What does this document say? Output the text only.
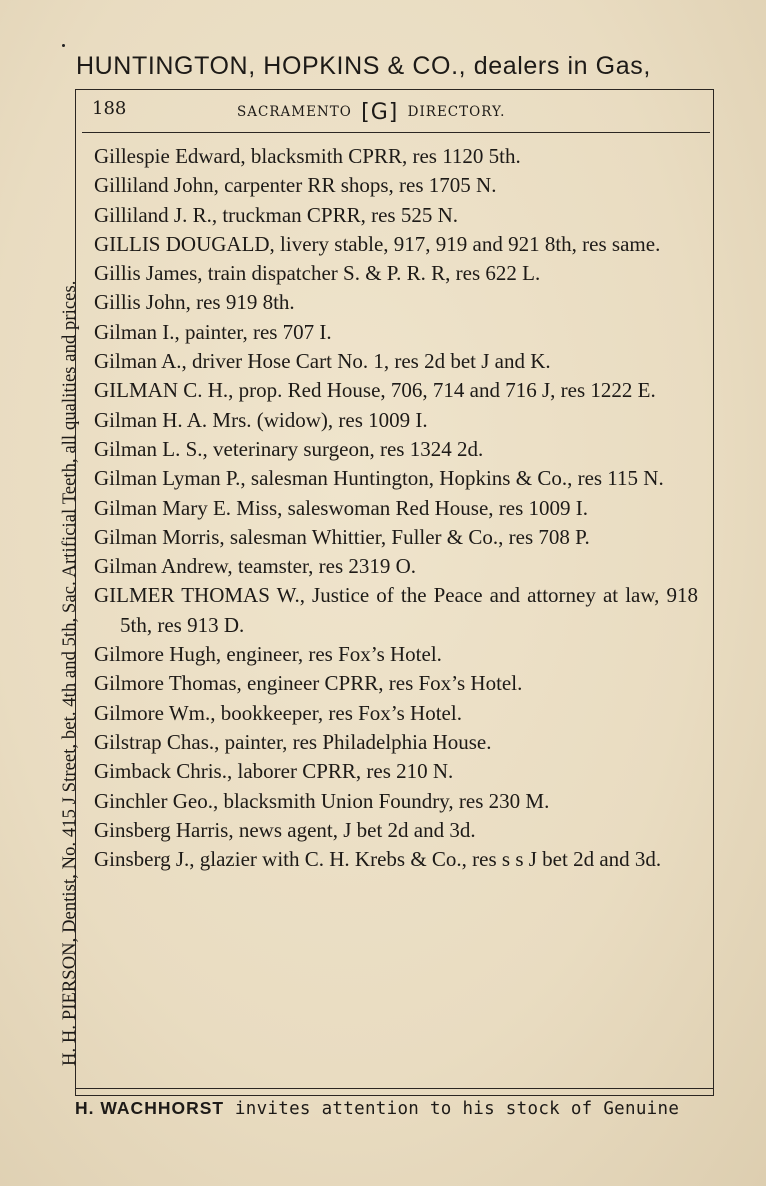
HUNTINGTON, HOPKINS & CO., dealers in Gas,
H. H. PIERSON, Dentist, No. 415 J Street, bet. 4th and 5th, Sac. Artificial Teeth, all qualities and prices.
188	SACRAMENTO [G] DIRECTORY.
Gillespie Edward, blacksmith CPRR, res 1120 5th.
Gilliland John, carpenter RR shops, res 1705 N.
Gilliland J. R., truckman CPRR, res 525 N.
GILLIS DOUGALD, livery stable, 917, 919 and 921 8th, res same.
Gillis James, train dispatcher S. & P. R. R, res 622 L.
Gillis John, res 919 8th.
Gilman I., painter, res 707 I.
Gilman A., driver Hose Cart No. 1, res 2d bet J and K.
GILMAN C. H., prop. Red House, 706, 714 and 716 J, res 1222 E.
Gilman H. A. Mrs. (widow), res 1009 I.
Gilman L. S., veterinary surgeon, res 1324 2d.
Gilman Lyman P., salesman Huntington, Hopkins & Co., res 115 N.
Gilman Mary E. Miss, saleswoman Red House, res 1009 I.
Gilman Morris, salesman Whittier, Fuller & Co., res 708 P.
Gilman Andrew, teamster, res 2319 O.
GILMER THOMAS W., Justice of the Peace and attorney at law, 918 5th, res 913 D.
Gilmore Hugh, engineer, res Fox’s Hotel.
Gilmore Thomas, engineer CPRR, res Fox’s Hotel.
Gilmore Wm., bookkeeper, res Fox’s Hotel.
Gilstrap Chas., painter, res Philadelphia House.
Gimback Chris., laborer CPRR, res 210 N.
Ginchler Geo., blacksmith Union Foundry, res 230 M.
Ginsberg Harris, news agent, J bet 2d and 3d.
Ginsberg J., glazier with C. H. Krebs & Co., res s s J bet 2d and 3d.
H. WACHHORST invites attention to his stock of Genuine
